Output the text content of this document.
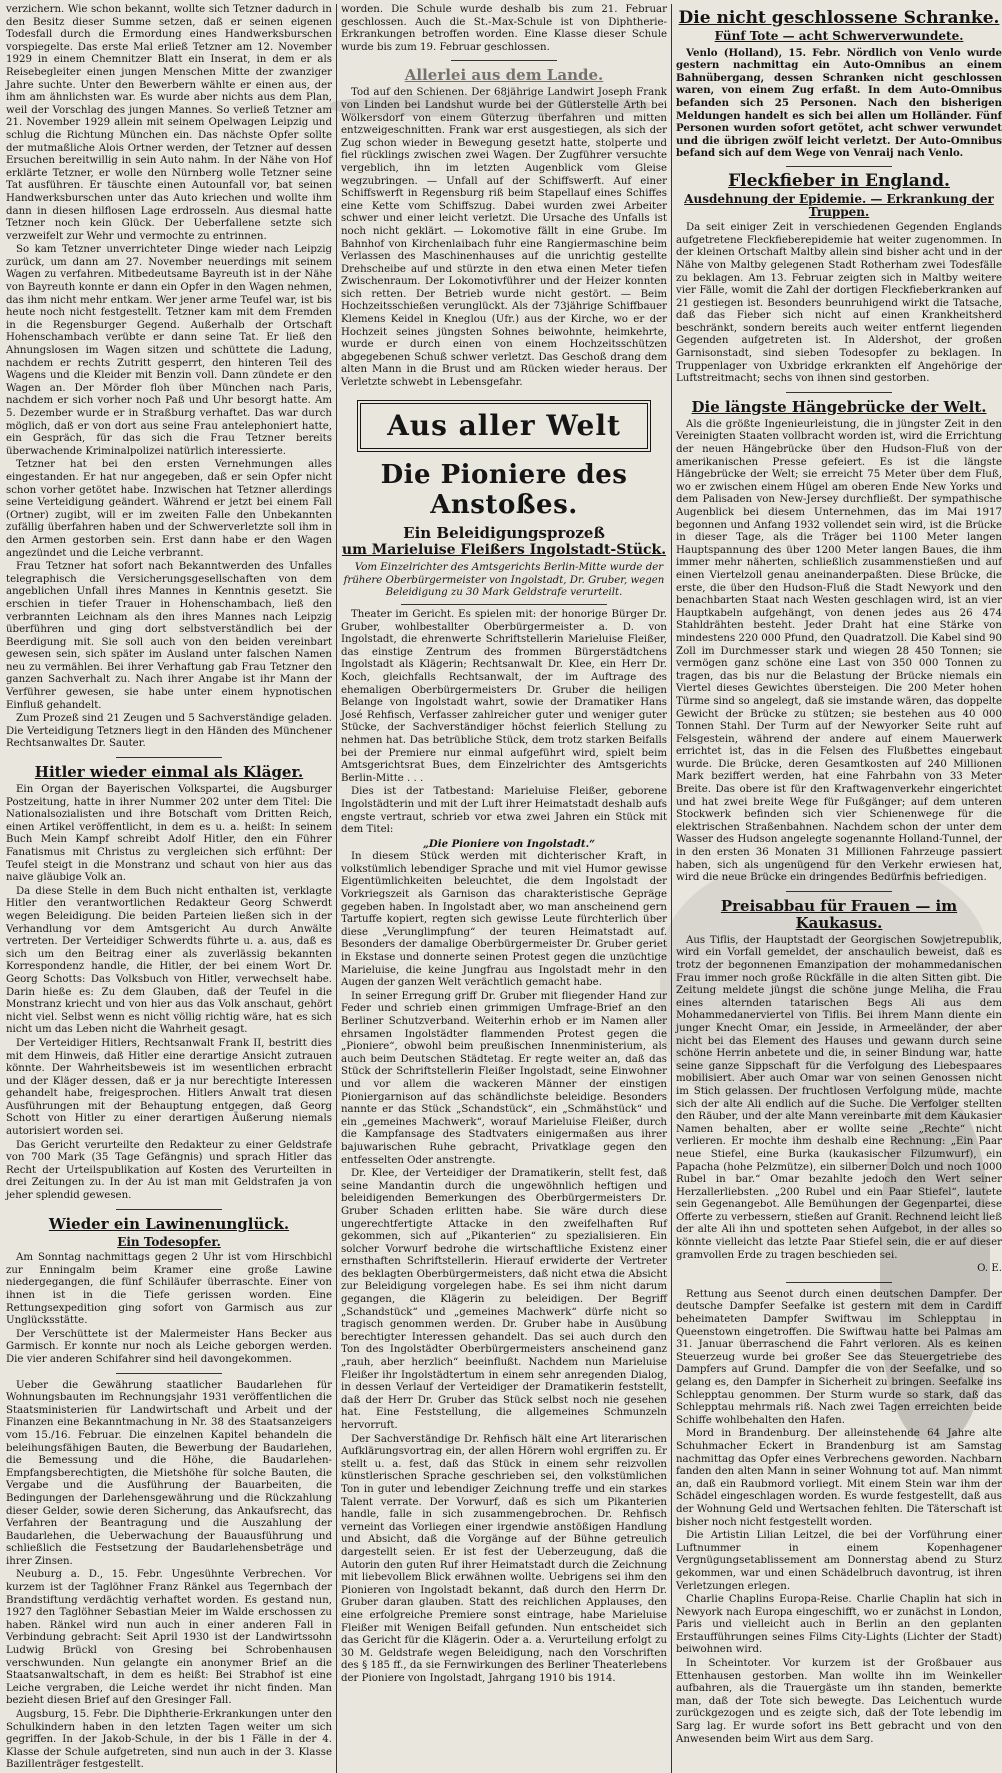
verzichern. Wie schon bekannt, wollte sich Tetzner dadurch in den Besitz dieser Summe setzen, daß er seinen eigenen Todesfall durch die Ermordung eines Handwerksburschen vorspiegelte. Das erste Mal erließ Tetzner am 12. November 1929 in einem Chemnitzer Blatt ein Inserat, in dem er als Reisebegleiter einen jungen Menschen Mitte der zwanziger Jahre suchte. Unter den Bewerbern wählte er einen aus, der ihm am ähnlichsten war. Es wurde aber nichts aus dem Plan, weil der Vorschlag des jungen Mannes. So verließ Tetzner am 21. November 1929 allein mit seinem Opelwagen Leipzig und schlug die Richtung München ein. Das nächste Opfer sollte der mutmaßliche Alois Ortner werden, der Tetzner auf dessen Ersuchen bereitwillig in sein Auto nahm. In der Nähe von Hof erklärte Tetzner, er wolle den Nürnberg wolle Tetzner seine Tat ausführen. Er täuschte einen Autounfall vor, bat seinen Handwerksburschen unter das Auto kriechen und wollte ihm dann in diesen hilflosen Lage erdrosseln. Aus diesmal hatte Tetzner noch kein Glück. Der Ueberfallene setzte sich verzweifelt zur Wehr und vermochte zu entrinnen.

So kam Tetzner unverrichteter Dinge wieder nach Leipzig zurück, um dann am 27. November neuerdings mit seinem Wagen zu verfahren. Mitbedeutsame Bayreuth ist in der Nähe von Bayreuth konnte er dann ein Opfer in den Wagen nehmen, das ihm nicht mehr entkam. Wer jener arme Teufel war, ist bis heute noch nicht festgestellt. Tetzner kam mit dem Fremden in die Regensburger Gegend. Außerhalb der Ortschaft Hohenschambach verübte er dann seine Tat. Er ließ den Ahnungslosen im Wagen sitzen und schüttete die Ladung, nachdem er rechts Zutritt gesperrt, den hinteren Teil des Wagens und die Kleider mit Benzin voll. Dann zündete er den Wagen an. Der Mörder floh über München nach Paris, nachdem er sich vorher noch Paß und Uhr besorgt hatte. Am 5. Dezember wurde er in Straßburg verhaftet. Das war durch möglich, daß er von dort aus seine Frau antelephoniert hatte, ein Gespräch, für das sich die Frau Tetzner bereits überwachende Kriminalpolizei natürlich interessierte.

Tetzner hat bei den ersten Vernehmungen alles eingestanden. Er hat nur angegeben, daß er sein Opfer nicht schon vorher getötet habe. Inzwischen hat Tetzner allerdings seine Verteidigung geändert. Während er jetzt bei einem Fall (Ortner) zugibt, will er im zweiten Falle den Unbekannten zufällig überfahren haben und der Schwerverletzte soll ihm in den Armen gestorben sein. Erst dann habe er den Wagen angezündet und die Leiche verbrannt.

Frau Tetzner hat sofort nach Bekanntwerden des Unfalles telegraphisch die Versicherungsgesellschaften von dem angeblichen Unfall ihres Mannes in Kenntnis gesetzt. Sie erschien in tiefer Trauer in Hohenschambach, ließ den verbrannten Leichnam als den ihres Mannes nach Leipzig überführen und ging dort selbstverständlich bei der Beerdigung mit. Sie soll auch von den beiden vereinbart gewesen sein, sich später im Ausland unter falschen Namen neu zu vermählen. Bei ihrer Verhaftung gab Frau Tetzner den ganzen Sachverhalt zu. Nach ihrer Angabe ist ihr Mann der Verführer gewesen, sie habe unter einem hypnotischen Einfluß gehandelt.

Zum Prozeß sind 21 Zeugen und 5 Sachverständige geladen. Die Verteidigung Tetzners liegt in den Händen des Münchener Rechtsanwaltes Dr. Sauter.

Hitler wieder einmal als Kläger.

Ein Organ der Bayerischen Volkspartei, die Augsburger Postzeitung, hatte in ihrer Nummer 202 unter dem Titel: Die Nationalsozialisten und ihre Botschaft vom Dritten Reich, einen Artikel veröffentlicht, in dem es u. a. heißt: In seinem Buch Mein Kampf schreibt Adolf Hitler, den ein Führer Fanatismus mit Christus zu vergleichen sich erfühnt: Der Teufel steigt in die Monstranz und schaut von hier aus das naive gläubige Volk an.

Da diese Stelle in dem Buch nicht enthalten ist, verklagte Hitler den verantwortlichen Redakteur Georg Schwerdt wegen Beleidigung. Die beiden Parteien ließen sich in der Verhandlung vor dem Amtsgericht Au durch Anwälte vertreten. Der Verteidiger Schwerdts führte u. a. aus, daß es sich um den Beitrag einer als zuverlässig bekannten Korrespondenz handle, die Hitler, der bei einem Wort Dr. Georg Schotts: Das Volksbuch von Hitler, verwechselt habe. Darin hieße es: Zu dem Glauben, daß der Teufel in die Monstranz kriecht und von hier aus das Volk anschaut, gehört nicht viel. Selbst wenn es nicht völlig richtig wäre, hat es sich nicht um das Leben nicht die Wahrheit gesagt.

Der Verteidiger Hitlers, Rechtsanwalt Frank II, bestritt dies mit dem Hinweis, daß Hitler eine derartige Ansicht zutrauen könnte. Der Wahrheitsbeweis ist im wesentlichen erbracht und der Kläger dessen, daß er ja nur berechtigte Interessen gehandelt habe, freigesprochen. Hitlers Anwalt trat diesen Ausführungen mit der Behauptung entgegen, daß Georg Schott von Hitler zu einer derartigen Äußerung niemals autorisiert worden sei.

Das Gericht verurteilte den Redakteur zu einer Geldstrafe von 700 Mark (35 Tage Gefängnis) und sprach Hitler das Recht der Urteilspublikation auf Kosten des Verurteilten in drei Zeitungen zu. In der Au ist man mit Geldstrafen ja von jeher splendid gewesen.

Wieder ein Lawinenunglück.
Ein Todesopfer.

Am Sonntag nachmittags gegen 2 Uhr ist vom Hirschbichl zur Enningalm beim Kramer eine große Lawine niedergegangen, die fünf Schiläufer überraschte. Einer von ihnen ist in die Tiefe gerissen worden. Eine Rettungsexpedition ging sofort von Garmisch aus zur Unglücksstätte.

Der Verschüttete ist der Malermeister Hans Becker aus Garmisch. Er konnte nur noch als Leiche geborgen werden. Die vier anderen Schifahrer sind heil davongekommen.

Ueber die Gewährung staatlicher Baudarlehen für Wohnungsbauten im Rechnungsjahr 1931 veröffentlichen die Staatsministerien für Landwirtschaft und Arbeit und der Finanzen eine Bekanntmachung in Nr. 38 des Staatsanzeigers vom 15./16. Februar. Die einzelnen Kapitel behandeln die beleihungsfähigen Bauten, die Bewerbung der Baudarlehen, die Bemessung und die Höhe, die Baudarlehen-Empfangsberechtigten, die Mietshöhe für solche Bauten, die Vergabe und die Ausführung der Bauarbeiten, die Bedingungen der Darlehensgewährung und die Rückzahlung dieser Gelder, sowie deren Sicherung, das Ankaufsrecht, das Verfahren der Beantragung und die Auszahlung der Baudarlehen, die Ueberwachung der Bauausführung und schließlich die Festsetzung der Baudarlehensbeträge und ihrer Zinsen.

Neuburg a. D., 15. Febr. Ungesühnte Verbrechen. Vor kurzem ist der Taglöhner Franz Ränkel aus Tegernbach der Brandstiftung verdächtig verhaftet worden. Es gestand nun, 1927 den Taglöhner Sebastian Meier im Walde erschossen zu haben. Ränkel wird nun auch in einer anderen Fall in Verbindung gebracht: Seit April 1930 ist der Landwirtssohn Ludwig Brückl von Gresing bei Schrobenhausen verschwunden. Nun gelangte ein anonymer Brief an die Staatsanwaltschaft, in dem es heißt: Bei Strabhof ist eine Leiche vergraben, die Leiche werdet ihr nicht finden. Man bezieht diesen Brief auf den Gresinger Fall.

Augsburg, 15. Febr. Die Diphtherie-Erkrankungen unter den Schulkindern haben in den letzten Tagen weiter um sich gegriffen. In der Jakob-Schule, in der bis 1 Fälle in der 4. Klasse der Schule aufgetreten, sind nun auch in der 3. Klasse Bazillenträger festgestellt.

worden. Die Schule wurde deshalb bis zum 21. Februar geschlossen. Auch die St.-Max-Schule ist von Diphtherie-Erkrankungen betroffen worden. Eine Klasse dieser Schule wurde bis zum 19. Februar geschlossen.

Allerlei aus dem Lande.

Tod auf den Schienen. Der 68jährige Landwirt Joseph Frank von Linden bei Landshut wurde bei der Gütlerstelle Arth bei Wölkersdorf von einem Güterzug überfahren und mitten entzweigeschnitten. Frank war erst ausgestiegen, als sich der Zug schon wieder in Bewegung gesetzt hatte, stolperte und fiel rücklings zwischen zwei Wagen. Der Zugführer versuchte vergeblich, ihn im letzten Augenblick vom Gleise wegzubringen. — Unfall auf der Schiffswerft. Auf einer Schiffswerft in Regensburg riß beim Stapellauf eines Schiffes eine Kette vom Schiffszug. Dabei wurden zwei Arbeiter schwer und einer leicht verletzt. Die Ursache des Unfalls ist noch nicht geklärt. — Lokomotive fällt in eine Grube. Im Bahnhof von Kirchenlaibach fuhr eine Rangiermaschine beim Verlassen des Maschinenhauses auf die unrichtig gestellte Drehscheibe auf und stürzte in den etwa einen Meter tiefen Zwischenraum. Der Lokomotivführer und der Heizer konnten sich retten. Der Betrieb wurde nicht gestört. — Beim Hochzeitsschießen verunglückt. Als der 73jährige Schiffbauer Klemens Keidel in Kneglou (Ufr.) aus der Kirche, wo er der Hochzeit seines jüngsten Sohnes beiwohnte, heimkehrte, wurde er durch einen von einem Hochzeitsschützen abgegebenen Schuß schwer verletzt. Das Geschoß drang dem alten Mann in die Brust und am Rücken wieder heraus. Der Verletzte schwebt in Lebensgefahr.

Aus aller Welt
Die Pioniere des Anstoßes.
Ein Beleidigungsprozeß
um Marieluise Fleißers Ingolstadt-Stück.

Vom Einzelrichter des Amtsgerichts Berlin-Mitte wurde der frühere Oberbürgermeister von Ingolstadt, Dr. Gruber, wegen Beleidigung zu 30 Mark Geldstrafe verurteilt.

Theater im Gericht. Es spielen mit: der honorige Bürger Dr. Gruber, wohlbestallter Oberbürgermeister a. D. von Ingolstadt, die ehrenwerte Schriftstellerin Marieluise Fleißer, das einstige Zentrum des frommen Bürgerstädtchens Ingolstadt als Klägerin; Rechtsanwalt Dr. Klee, ein Herr Dr. Koch, gleichfalls Rechtsanwalt, der im Auftrage des ehemaligen Oberbürgermeisters Dr. Gruber die heiligen Belange von Ingolstadt wahrt, sowie der Dramatiker Hans José Rehfisch, Verfasser zahlreicher guter und weniger guter Stücke, der Sachverständiger höchst feierlich Stellung zu nehmen hat. Das betrübliche Stück, dem trotz starken Beifalls bei der Premiere nur einmal aufgeführt wird, spielt beim Amtsgerichtsrat Bues, dem Einzelrichter des Amtsgerichts Berlin-Mitte . . .

Dies ist der Tatbestand: Marieluise Fleißer, geborene Ingolstädterin und mit der Luft ihrer Heimatstadt deshalb aufs engste vertraut, schrieb vor etwa zwei Jahren ein Stück mit dem Titel:

„Die Pioniere von Ingolstadt.“

In diesem Stück werden mit dichterischer Kraft, in volkstümlich lebendiger Sprache und mit viel Humor gewisse Eigentümlichkeiten beleuchtet, die dem Ingolstadt der Vorkriegszeit als Garnison das charakteristische Gepräge gegeben haben. In Ingolstadt aber, wo man anscheinend gern Tartuffe kopiert, regten sich gewisse Leute fürchterlich über diese „Verunglimpfung“ der teuren Heimatstadt auf. Besonders der damalige Oberbürgermeister Dr. Gruber geriet in Ekstase und donnerte seinen Protest gegen die unzüchtige Marieluise, die keine Jungfrau aus Ingolstadt mehr in den Augen der ganzen Welt verächtlich gemacht habe.

In seiner Erregung griff Dr. Gruber mit fliegender Hand zur Feder und schrieb einen grimmigen Umfrage-Brief an den Berliner Schutzverband. Weiterhin erhob er im Namen aller ehrsamen Ingolstädter flammenden Protest gegen die „Pioniere“, obwohl beim preußischen Innenministerium, als auch beim Deutschen Städtetag. Er regte weiter an, daß das Stück der Schriftstellerin Fleißer Ingolstadt, seine Einwohner und vor allem die wackeren Männer der einstigen Pioniergarnison auf das schändlichste beleidige. Besonders nannte er das Stück „Schandstück“, ein „Schmähstück“ und ein „gemeines Machwerk“, worauf Marieluise Fleißer, durch die Kampfansage des Stadtvaters einigermaßen aus ihrer bajuwarischen Ruhe gebracht, Privatklage gegen den entfesselten Oder anstrengte.

Dr. Klee, der Verteidiger der Dramatikerin, stellt fest, daß seine Mandantin durch die ungewöhnlich heftigen und beleidigenden Bemerkungen des Oberbürgermeisters Dr. Gruber Schaden erlitten habe. Sie wäre durch diese ungerechtfertigte Attacke in den zweifelhaften Ruf gekommen, sich auf „Pikanterien“ zu spezialisieren. Ein solcher Vorwurf bedrohe die wirtschaftliche Existenz einer ernsthaften Schriftstellerin. Hierauf erwiderte der Vertreter des beklagten Oberbürgermeisters, daß nicht etwa die Absicht zur Beleidigung vorgelegen habe. Es sei ihm nicht darum gegangen, die Klägerin zu beleidigen. Der Begriff „Schandstück“ und „gemeines Machwerk“ dürfe nicht so tragisch genommen werden. Dr. Gruber habe in Ausübung berechtigter Interessen gehandelt. Das sei auch durch den Ton des Ingolstädter Oberbürgermeisters anscheinend ganz „rauh, aber herzlich“ beeinflußt. Nachdem nun Marieluise Fleißer ihr Ingolstädtertum in einem sehr anregenden Dialog, in dessen Verlauf der Verteidiger der Dramatikerin feststellt, daß der Herr Dr. Gruber das Stück selbst noch nie gesehen hat. Eine Feststellung, die allgemeines Schmunzeln hervorruft.

Der Sachverständige Dr. Rehfisch hält eine Art literarischen Aufklärungsvortrag ein, der allen Hörern wohl ergriffen zu. Er stellt u. a. fest, daß das Stück in einem sehr reizvollen künstlerischen Sprache geschrieben sei, den volkstümlichen Ton in guter und lebendiger Zeichnung treffe und ein starkes Talent verrate. Der Vorwurf, daß es sich um Pikanterien handle, falle in sich zusammengebrochen. Dr. Rehfisch verneint das Vorliegen einer irgendwie anstößigen Handlung und Absicht, daß die Vorgänge auf der Bühne getreulich dargestellt seien. Er ist fest der Ueberzeugung, daß die Autorin den guten Ruf ihrer Heimatstadt durch die Zeichnung mit liebevollem Blick erwähnen wollte. Uebrigens sei ihm den Pionieren von Ingolstadt bekannt, daß durch den Herrn Dr. Gruber daran glauben. Statt des reichlichen Applauses, den eine erfolgreiche Premiere sonst eintrage, habe Marieluise Fleißer mit Wenigen Beifall gefunden. Nun entscheidet sich das Gericht für die Klägerin. Oder a. a. Verurteilung erfolgt zu 30 M. Geldstrafe wegen Beleidigung, nach den Vorschriften des § 185 ff., da sie Fernwirkungen des Berliner Theaterlebens der Pioniere von Ingolstadt, Jahrgang 1910 bis 1914.

Die nicht geschlossene Schranke.
Fünf Tote — acht Schwerverwundete.

Venlo (Holland), 15. Febr. Nördlich von Venlo wurde gestern nachmittag ein Auto-Omnibus an einem Bahnübergang, dessen Schranken nicht geschlossen waren, von einem Zug erfaßt. In dem Auto-Omnibus befanden sich 25 Personen. Nach den bisherigen Meldungen handelt es sich bei allen um Holländer. Fünf Personen wurden sofort getötet, acht schwer verwundet und die übrigen zwölf leicht verletzt. Der Auto-Omnibus befand sich auf dem Wege von Venraij nach Venlo.

Fleckfieber in England.
Ausdehnung der Epidemie. — Erkrankung der Truppen.

Da seit einiger Zeit in verschiedenen Gegenden Englands aufgetretene Fleckfieberepidemie hat weiter zugenommen. In der kleinen Ortschaft Maltby allein sind bisher acht und in der Nähe von Maltby gelegenen Stadt Rotherham zwei Todesfälle zu beklagen. Am 13. Februar zeigten sich in Maltby weitere vier Fälle, womit die Zahl der dortigen Fleckfieberkranken auf 21 gestiegen ist. Besonders beunruhigend wirkt die Tatsache, daß das Fieber sich nicht auf einen Krankheitsherd beschränkt, sondern bereits auch weiter entfernt liegenden Gegenden aufgetreten ist. In Aldershot, der großen Garnisonstadt, sind sieben Todesopfer zu beklagen. In Truppenlager von Uxbridge erkrankten elf Angehörige der Luftstreitmacht; sechs von ihnen sind gestorben.

Die längste Hängebrücke der Welt.

Als die größte Ingenieurleistung, die in jüngster Zeit in den Vereinigten Staaten vollbracht worden ist, wird die Errichtung der neuen Hängebrücke über den Hudson-Fluß von der amerikanischen Presse gefeiert. Es ist die längste Hängebrücke der Welt; sie erreicht 75 Meter über dem Fluß, wo er zwischen einem Hügel am oberen Ende New Yorks und dem Palisaden von New-Jersey durchfließt. Der sympathische Augenblick bei diesem Unternehmen, das im Mai 1917 begonnen und Anfang 1932 vollendet sein wird, ist die Brücke in dieser Tage, als die Träger bei 1100 Meter langen Hauptspannung des über 1200 Meter langen Baues, die ihm immer mehr näherten, schließlich zusammenstießen und auf einen Viertelzoll genau aneinanderpaßten. Diese Brücke, die erste, die über den Hudson-Fluß die Stadt Newyork und den benachbarten Staat nach Westen geschlagen wird, ist an vier Hauptkabeln aufgehängt, von denen jedes aus 26 474 Stahldrähten besteht. Jeder Draht hat eine Stärke von mindestens 220 000 Pfund, den Quadratzoll. Die Kabel sind 90 Zoll im Durchmesser stark und wiegen 28 450 Tonnen; sie vermögen ganz schöne eine Last von 350 000 Tonnen zu tragen, das bis nur die Belastung der Brücke niemals ein Viertel dieses Gewichtes übersteigen. Die 200 Meter hohen Türme sind so angelegt, daß sie imstande wären, das doppelte Gewicht der Brücke zu stützen; sie bestehen aus 40 000 Tonnen Stahl. Der Turm auf der Newyorker Seite ruht auf Felsgestein, während der andere auf einem Mauerwerk errichtet ist, das in die Felsen des Flußbettes eingebaut wurde. Die Brücke, deren Gesamtkosten auf 240 Millionen Mark beziffert werden, hat eine Fahrbahn von 33 Meter Breite. Das obere ist für den Kraftwagenverkehr eingerichtet und hat zwei breite Wege für Fußgänger; auf dem unteren Stockwerk befinden sich vier Schienenwege für die elektrischen Straßenbahnen. Nachdem schon der unter dem Wasser des Hudson angelegte sogenannte Holland-Tunnel, der in den ersten 36 Monaten 31 Millionen Fahrzeuge passiert haben, sich als ungenügend für den Verkehr erwiesen hat, wird die neue Brücke ein dringendes Bedürfnis befriedigen.

Preisabbau für Frauen — im Kaukasus.

Aus Tiflis, der Hauptstadt der Georgischen Sowjetrepublik, wird ein Vorfall gemeldet, der anschaulich beweist, daß es trotz der begonnenen Emanzipation der mohammedanischen Frau immer noch große Rückfälle in die alten Sitten gibt. Die Zeitung meldete jüngst die schöne junge Meliha, die Frau eines alternden tatarischen Begs Ali aus dem Mohammedanerviertel von Tiflis. Bei ihrem Mann diente ein junger Knecht Omar, ein Jesside, in Armeeländer, der aber nicht bei das Element des Hauses und gewann durch seine schöne Herrin anbetete und die, in seiner Bindung war, hatte seine ganze Sippschaft für die Verfolgung des Liebespaares mobilisiert. Aber auch Omar war von seinen Genossen nicht im Stich gelassen. Der fruchtlosen Verfolgung müde, machte sich der alte Ali endlich auf die Suche. Die Verfolger stellten den Räuber, und der alte Mann vereinbarte mit dem Kaukasier Namen behalten, aber er wollte seine „Rechte“ nicht verlieren. Er mochte ihm deshalb eine Rechnung: „Ein Paar neue Stiefel, eine Burka (kaukasischer Filzumwurf), ein Papacha (hohe Pelzmütze), ein silberner Dolch und noch 1000 Rubel in bar.“ Omar bezahlte jedoch den Wert seiner Herzallerliebsten. „200 Rubel und ein Paar Stiefel“, lautete sein Gegenangebot. Alle Bemühungen der Gegenpartei, diese Offerte zu verbessern, stießen auf Granit. Rechnend leicht ließ der alte Ali ihn und spotteten sehen Aufgebot, in der alles so könnte vielleicht das letzte Paar Stiefel sein, die er auf dieser gramvollen Erde zu tragen beschieden sei.

O. E.

Rettung aus Seenot durch einen deutschen Dampfer. Der deutsche Dampfer Seefalke ist gestern mit dem in Cardiff beheimateten Dampfer Swiftwau im Schlepptau in Queenstown eingetroffen. Die Swiftwau hatte bei Palmas am 31. Januar überraschend die Fahrt verloren. Als es keinen Steuerzeug wurde bei großer See das Steuergetriebe des Dampfers auf Grund. Dampfer die von der Seefalke, und so gelang es, den Dampfer in Sicherheit zu bringen. Seefalke ins Schlepptau genommen. Der Sturm wurde so stark, daß das Schlepptau mehrmals riß. Nach zwei Tagen erreichten beide Schiffe wohlbehalten den Hafen.

Mord in Brandenburg. Der alleinstehende 64 Jahre alte Schuhmacher Eckert in Brandenburg ist am Samstag nachmittag das Opfer eines Verbrechens geworden. Nachbarn fanden den alten Mann in seiner Wohnung tot auf. Man nimmt an, daß ein Raubmord vorliegt. Mit einem Stein war ihm der Schädel eingeschlagen worden. Es wurde festgestellt, daß aus der Wohnung Geld und Wertsachen fehlten. Die Täterschaft ist bisher noch nicht festgestellt worden.

Die Artistin Lilian Leitzel, die bei der Vorführung einer Luftnummer in einem Kopenhagener Vergnügungsetablissement am Donnerstag abend zu Sturz gekommen, war und einen Schädelbruch davontrug, ist ihren Verletzungen erlegen.

Charlie Chaplins Europa-Reise. Charlie Chaplin hat sich in Newyork nach Europa eingeschifft, wo er zunächst in London, Paris und vielleicht auch in Berlin an den geplanten Erstaufführungen seines Films City-Lights (Lichter der Stadt) beiwohnen wird.

In Scheintoter. Vor kurzem ist der Großbauer aus Ettenhausen gestorben. Man wollte ihn im Weinkeller aufbahren, als die Trauergäste um ihn standen, bemerkte man, daß der Tote sich bewegte. Das Leichentuch wurde zurückgezogen und es zeigte sich, daß der Tote lebendig im Sarg lag. Er wurde sofort ins Bett gebracht und von den Anwesenden beim Wirt aus dem Sarg.
